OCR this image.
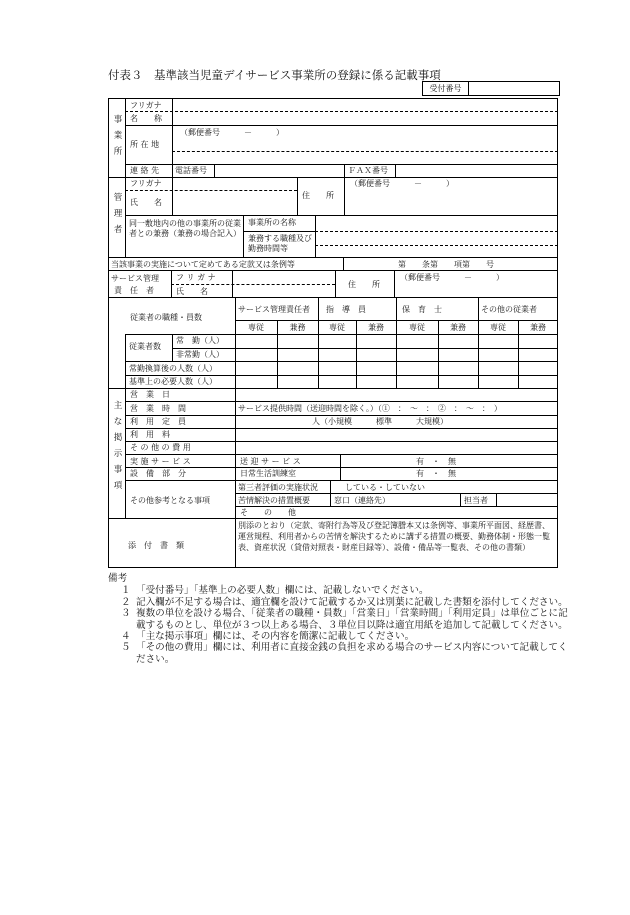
付表３　基準該当児童デイサービス事業所の登録に係る記載事項
受付番号
事業所
フリガナ
名　　称
所 在 地
（郵便番号　　　－　　　）
連 絡 先 電話番号	ＦＡＸ番号
管理者
フリガナ
氏　　名
住　　所
（郵便番号　　　－　　　）
同一敷地内の他の事業所の従業者との兼務（兼務の場合記入）
事業所の名称
兼務する職種及び勤務時間等
当該事業の実施について定めてある定款又は条例等	第　　条第　　項第　　号
サービス管理
責　任　者
フ リ ガ ナ
氏　　名
住　　所
（郵便番号　　　－　　　）
従業者の職種・員数
サービス管理責任者 指　導　員	保　育　士	その他の従業者
専従	兼務	専従	兼務	専従	兼務	専従	兼務
従業者数
常　勤（人）
非常勤（人）
常勤換算後の人数（人）
基準上の必要人数（人）
主な掲示事項
営　業　日
営　業　時　間	サービス提供時間（送迎時間を除く。）（①　：　～　：　②　：　～　：　）
利　用　定　員	人（小規模　　　標準　　　大規模）
利　用　料
そ の 他 の 費 用
実 施 サ ー ビ ス	送 迎 サ ー ビ ス	有　・　無
設　備　部　分	日常生活訓練室	有　・　無
その他参考となる事項
第三者評価の実施状況	している・していない
苦情解決の措置概要	窓口（連絡先）	担当者
そ　　の　　他
添　付　書　類
別添のとおり（定款、寄附行為等及び登記簿謄本又は条例等、事業所平面図、経歴書、運営規程、利用者からの苦情を解決するために講ずる措置の概要、勤務体制・形態一覧表、資産状況（貸借対照表・財産目録等）、設備・備品等一覧表、その他の書類）
備考
１ 「受付番号」「基準上の必要人数」欄には、記載しないでください。
２ 記入欄が不足する場合は、適宜欄を設けて記載するか又は別葉に記載した書類を添付してください。
３ 複数の単位を設ける場合、「従業者の職種・員数」「営業日」「営業時間」「利用定員」は単位ごとに記載するものとし、単位が３つ以上ある場合、３単位目以降は適宜用紙を追加して記載してください。
４ 「主な掲示事項」欄には、その内容を簡潔に記載してください。
５ 「その他の費用」欄には、利用者に直接金銭の負担を求める場合のサービス内容について記載してください。
